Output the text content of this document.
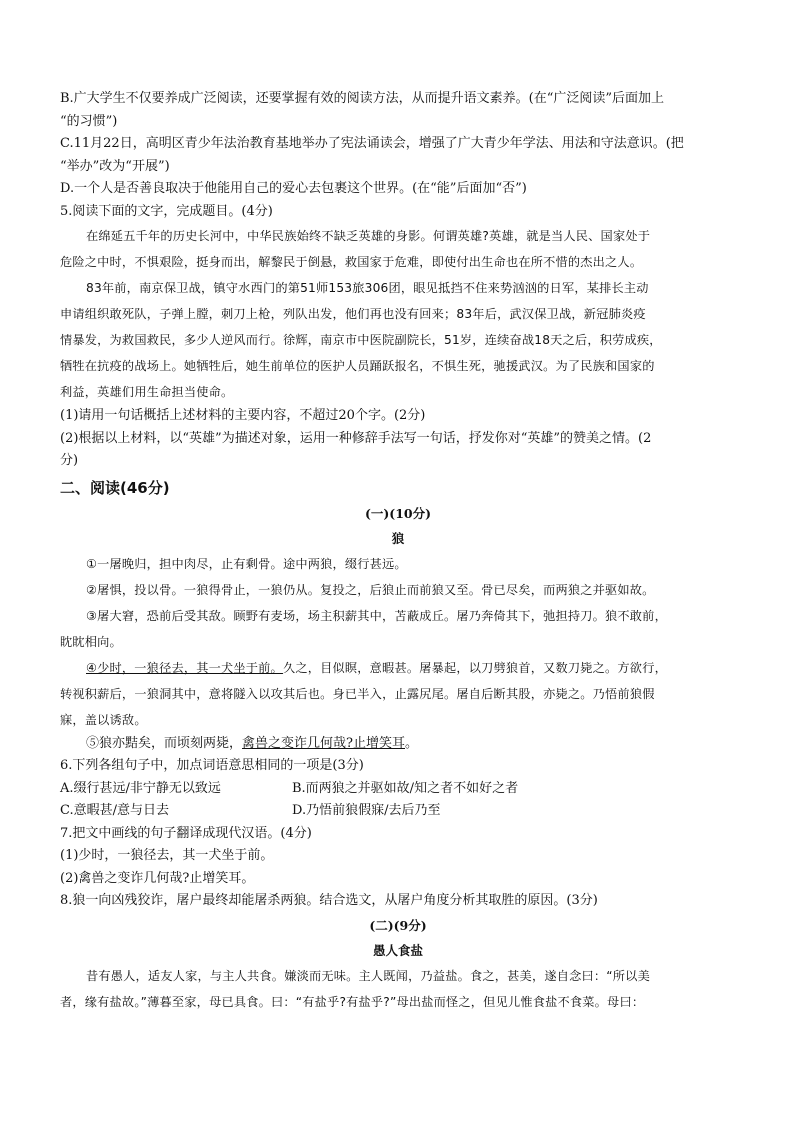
B.广大学生不仅要养成广泛阅读，还要掌握有效的阅读方法，从而提升语文素养。(在“广泛阅读”后面加上
“的习惯”)
C.11月22日，高明区青少年法治教育基地举办了宪法诵读会，增强了广大青少年学法、用法和守法意识。(把
“举办”改为“开展”)
D.一个人是否善良取决于他能用自己的爱心去包裹这个世界。(在“能”后面加“否”)
5.阅读下面的文字，完成题目。(4分)
在绵延五千年的历史长河中，中华民族始终不缺乏英雄的身影。何谓英雄?英雄，就是当人民、国家处于
危险之中时，不惧艰险，挺身而出，解黎民于倒悬，救国家于危难，即使付出生命也在所不惜的杰出之人。
83年前，南京保卫战，镇守水西门的第51师153旅306团，眼见抵挡不住来势汹汹的日军，某排长主动
申请组织敢死队，子弹上膛，刺刀上枪，列队出发，他们再也没有回来；83年后，武汉保卫战，新冠肺炎疫
情暴发，为救国救民，多少人逆风而行。徐辉，南京市中医院副院长，51岁，连续奋战18天之后，积劳成疾，
牺牲在抗疫的战场上。她牺牲后，她生前单位的医护人员踊跃报名，不惧生死，驰援武汉。为了民族和国家的
利益，英雄们用生命担当使命。
(1)请用一句话概括上述材料的主要内容，不超过20个字。(2分)
(2)根据以上材料，以“英雄”为描述对象，运用一种修辞手法写一句话，抒发你对“英雄”的赞美之情。(2
分)
二、阅读(46分)
(一)(10分)
狼
①一屠晚归，担中肉尽，止有剩骨。途中两狼，缀行甚远。
②屠惧，投以骨。一狼得骨止，一狼仍从。复投之，后狼止而前狼又至。骨已尽矣，而两狼之并驱如故。
③屠大窘，恐前后受其敌。顾野有麦场，场主积薪其中，苫蔽成丘。屠乃奔倚其下，弛担持刀。狼不敢前，
眈眈相向。
④少时，一狼径去，其一犬坐于前。久之，目似瞑，意暇甚。屠暴起，以刀劈狼首，又数刀毙之。方欲行，
转视积薪后，一狼洞其中，意将隧入以攻其后也。身已半入，止露尻尾。屠自后断其股，亦毙之。乃悟前狼假
寐，盖以诱敌。
⑤狼亦黠矣，而顷刻两毙，禽兽之变诈几何哉?止增笑耳。
6.下列各组句子中，加点词语意思相同的一项是(3分)
A.缀行甚远/非宁静无以致远	B.而两狼之并驱如故/知之者不如好之者
C.意暇甚/意与日去	D.乃悟前狼假寐/去后乃至
7.把文中画线的句子翻译成现代汉语。(4分)
(1)少时，一狼径去，其一犬坐于前。
(2)禽兽之变诈几何哉?止增笑耳。
8.狼一向凶残狡诈，屠户最终却能屠杀两狼。结合选文，从屠户角度分析其取胜的原因。(3分)
(二)(9分)
愚人食盐
昔有愚人，适友人家，与主人共食。嫌淡而无味。主人既闻，乃益盐。食之，甚美，遂自念曰：“所以美
者，缘有盐故。”薄暮至家，母已具食。曰：“有盐乎?有盐乎?”母出盐而怪之，但见儿惟食盐不食菜。母曰：
